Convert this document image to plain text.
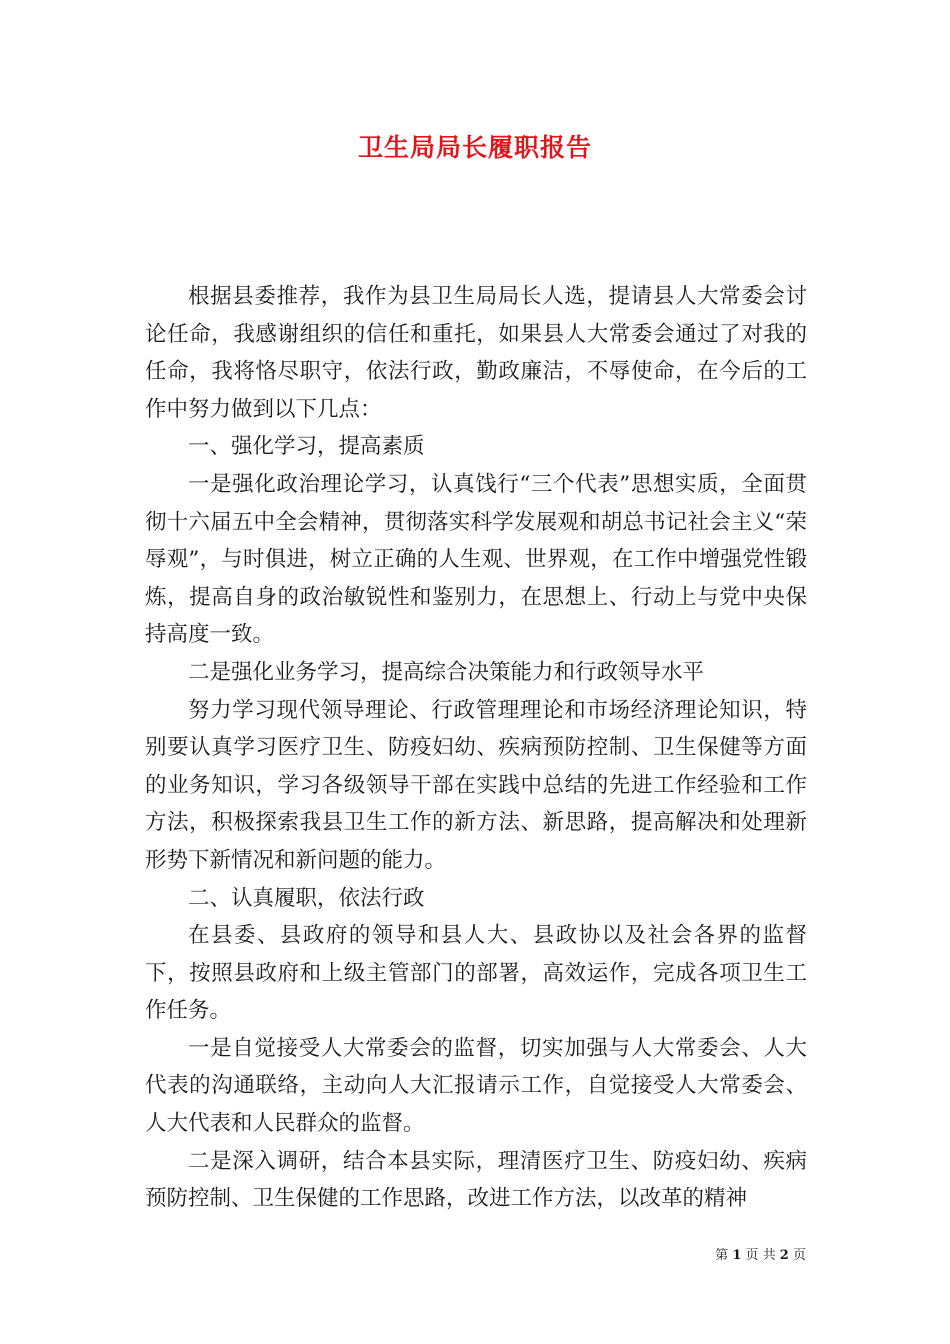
卫生局局长履职报告

根据县委推荐，我作为县卫生局局长人选，提请县人大常委会讨论任命，我感谢组织的信任和重托，如果县人大常委会通过了对我的任命，我将恪尽职守，依法行政，勤政廉洁，不辱使命，在今后的工作中努力做到以下几点：

一、强化学习，提高素质

一是强化政治理论学习，认真饯行“三个代表”思想实质，全面贯彻十六届五中全会精神，贯彻落实科学发展观和胡总书记社会主义“荣辱观”，与时俱进，树立正确的人生观、世界观，在工作中增强党性锻炼，提高自身的政治敏锐性和鉴别力，在思想上、行动上与党中央保持高度一致。

二是强化业务学习，提高综合决策能力和行政领导水平

努力学习现代领导理论、行政管理理论和市场经济理论知识，特别要认真学习医疗卫生、防疫妇幼、疾病预防控制、卫生保健等方面的业务知识，学习各级领导干部在实践中总结的先进工作经验和工作方法，积极探索我县卫生工作的新方法、新思路，提高解决和处理新形势下新情况和新问题的能力。

二、认真履职，依法行政

在县委、县政府的领导和县人大、县政协以及社会各界的监督下，按照县政府和上级主管部门的部署，高效运作，完成各项卫生工作任务。

一是自觉接受人大常委会的监督，切实加强与人大常委会、人大代表的沟通联络，主动向人大汇报请示工作，自觉接受人大常委会、人大代表和人民群众的监督。

二是深入调研，结合本县实际，理清医疗卫生、防疫妇幼、疾病预防控制、卫生保健的工作思路，改进工作方法，以改革的精神

第 1 页 共 2 页
